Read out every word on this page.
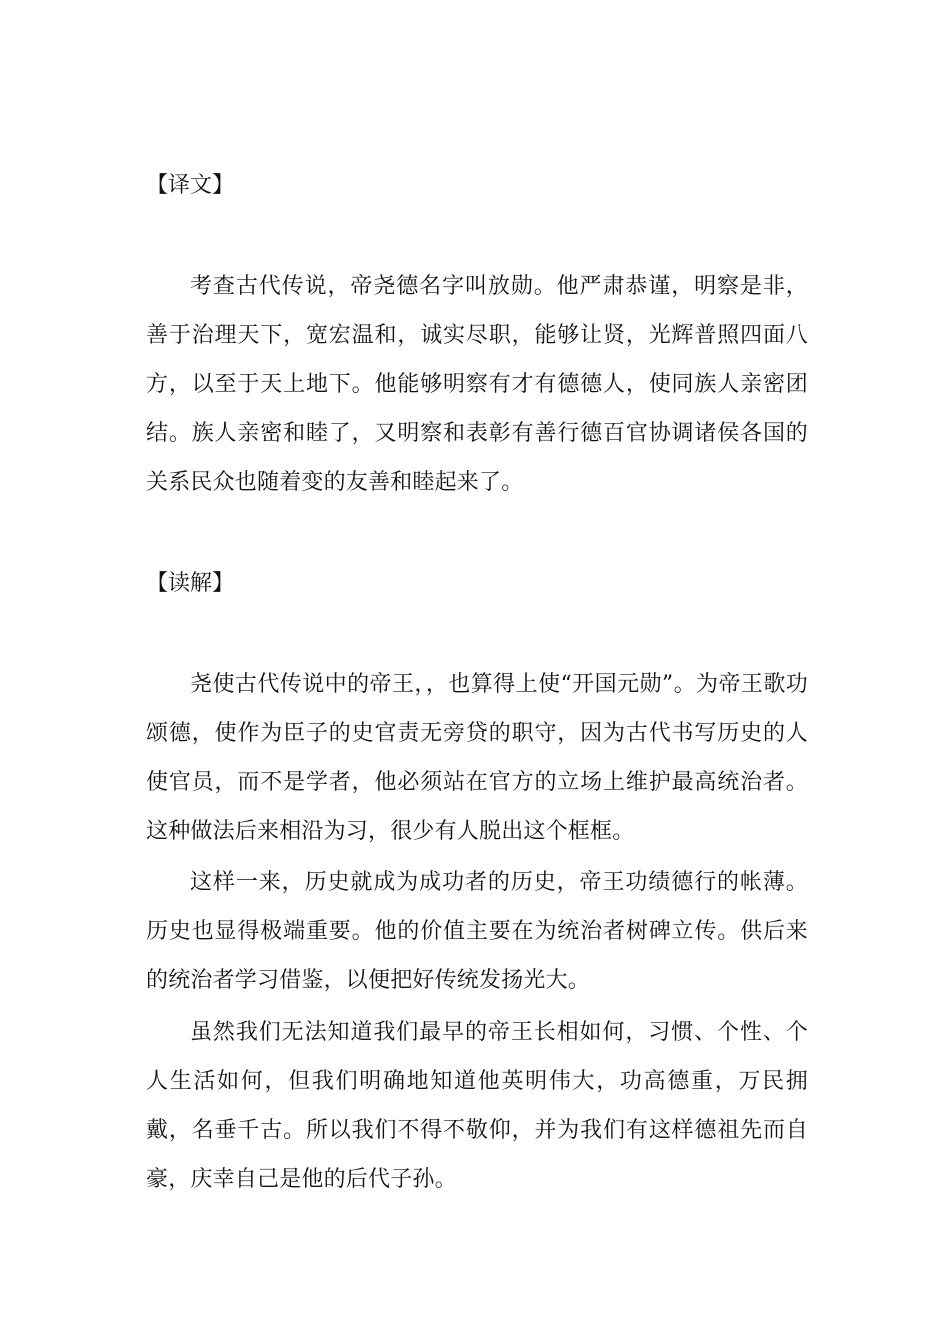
【译文】

考查古代传说，帝尧德名字叫放勋。他严肃恭谨，明察是非，善于治理天下，宽宏温和，诚实尽职，能够让贤，光辉普照四面八方，以至于天上地下。他能够明察有才有德德人，使同族人亲密团结。族人亲密和睦了，又明察和表彰有善行德百官协调诸侯各国的关系民众也随着变的友善和睦起来了。

【读解】

尧使古代传说中的帝王，，也算得上使“开国元勋”。为帝王歌功颂德，使作为臣子的史官责无旁贷的职守，因为古代书写历史的人使官员，而不是学者，他必须站在官方的立场上维护最高统治者。这种做法后来相沿为习，很少有人脱出这个框框。

这样一来，历史就成为成功者的历史，帝王功绩德行的帐薄。历史也显得极端重要。他的价值主要在为统治者树碑立传。供后来的统治者学习借鉴，以便把好传统发扬光大。

虽然我们无法知道我们最早的帝王长相如何，习惯、个性、个人生活如何，但我们明确地知道他英明伟大，功高德重，万民拥戴，名垂千古。所以我们不得不敬仰，并为我们有这样德祖先而自豪，庆幸自己是他的后代子孙。
